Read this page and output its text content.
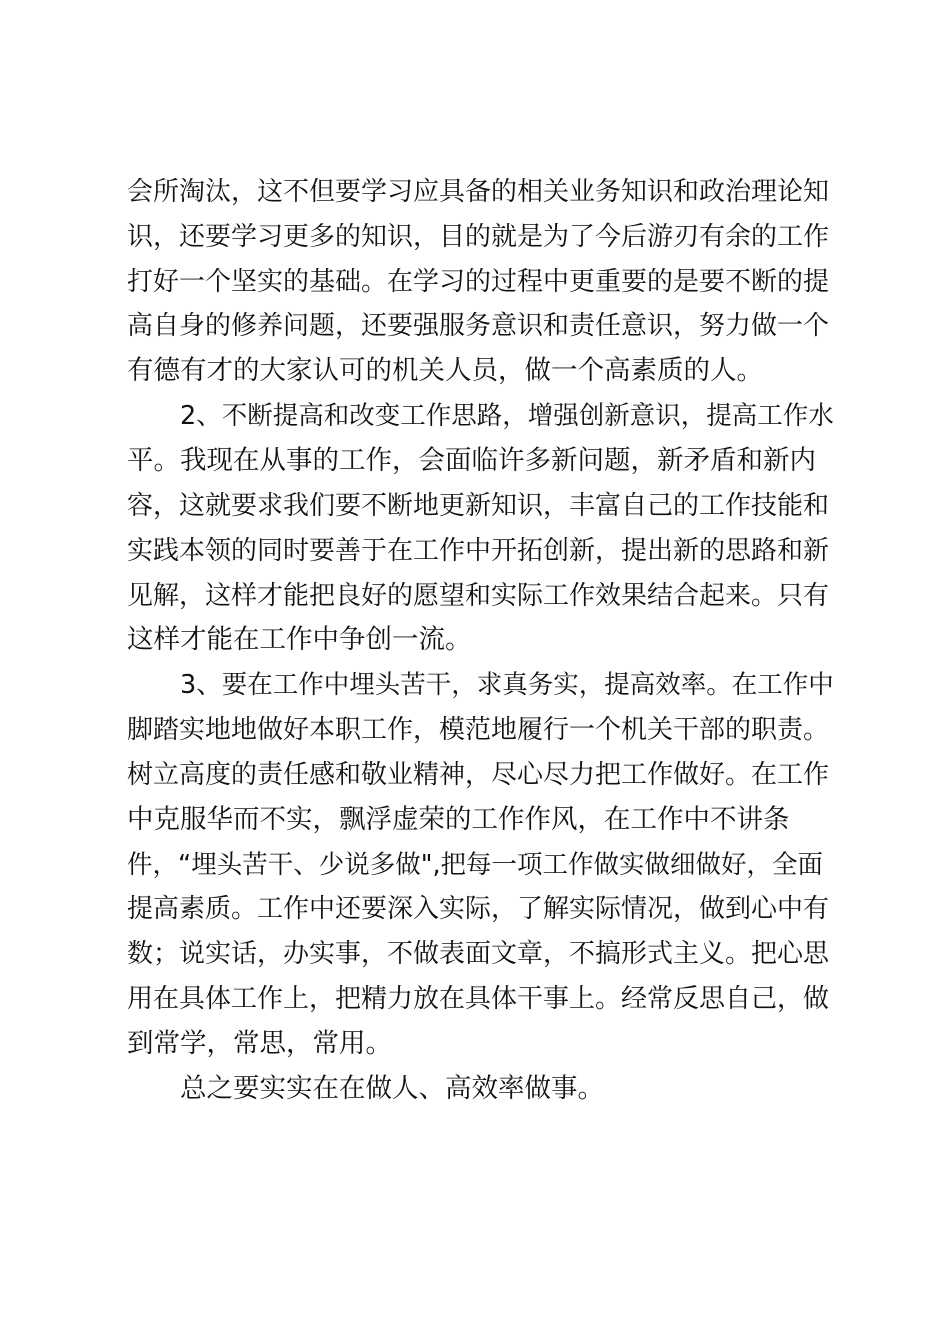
会所淘汰，这不但要学习应具备的相关业务知识和政治理论知
识，还要学习更多的知识，目的就是为了今后游刃有余的工作
打好一个坚实的基础。在学习的过程中更重要的是要不断的提
高自身的修养问题，还要强服务意识和责任意识，努力做一个
有德有才的大家认可的机关人员，做一个高素质的人。
2、不断提高和改变工作思路，增强创新意识，提高工作水
平。我现在从事的工作，会面临许多新问题，新矛盾和新内
容，这就要求我们要不断地更新知识，丰富自己的工作技能和
实践本领的同时要善于在工作中开拓创新，提出新的思路和新
见解，这样才能把良好的愿望和实际工作效果结合起来。只有
这样才能在工作中争创一流。
3、要在工作中埋头苦干，求真务实，提高效率。在工作中
脚踏实地地做好本职工作，模范地履行一个机关干部的职责。
树立高度的责任感和敬业精神，尽心尽力把工作做好。在工作
中克服华而不实，飘浮虚荣的工作作风，在工作中不讲条
件，“埋头苦干、少说多做",把每一项工作做实做细做好，全面
提高素质。工作中还要深入实际，了解实际情况，做到心中有
数；说实话，办实事，不做表面文章，不搞形式主义。把心思
用在具体工作上，把精力放在具体干事上。经常反思自己，做
到常学，常思，常用。
总之要实实在在做人、高效率做事。
